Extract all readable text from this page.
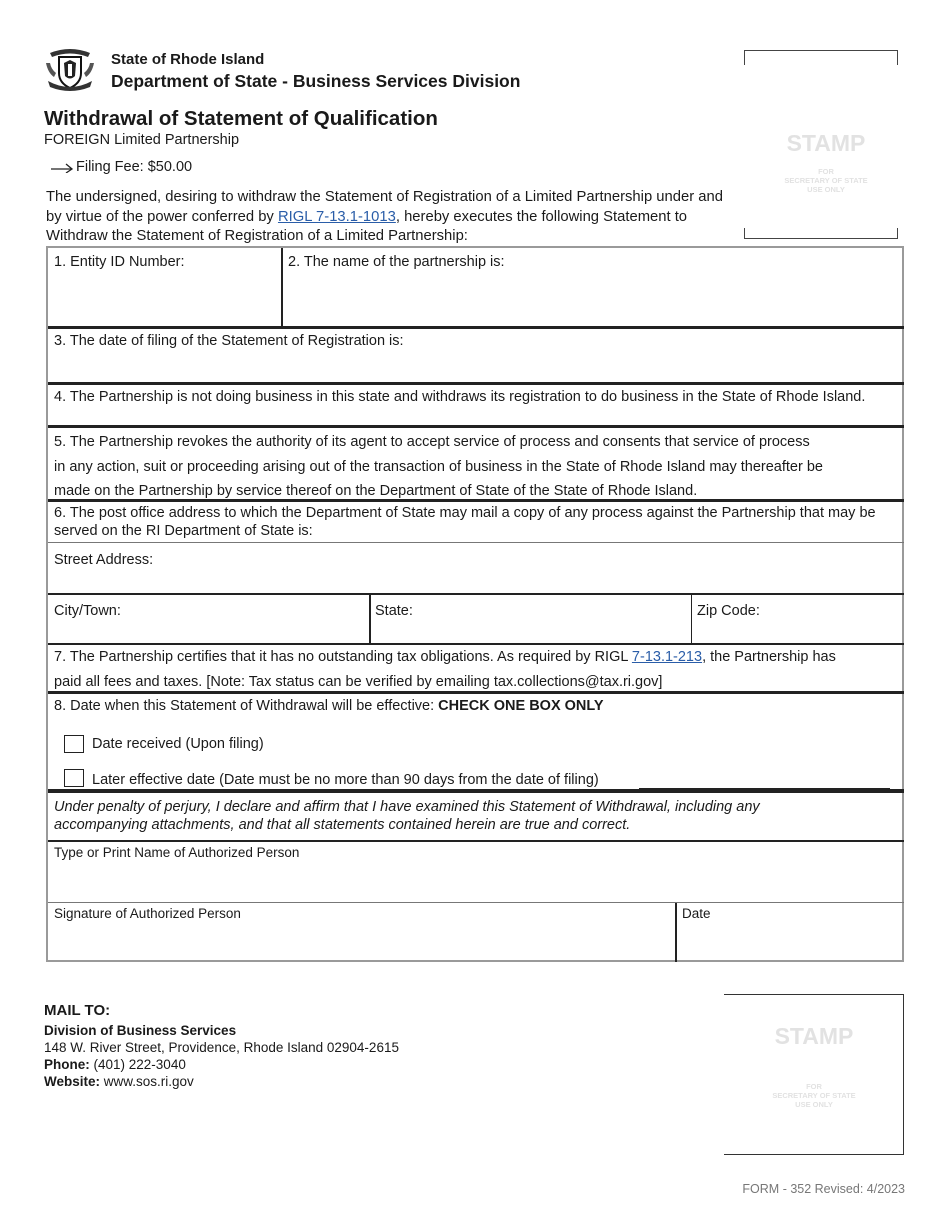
State of Rhode Island
Department of State - Business Services Division
Withdrawal of Statement of Qualification
FOREIGN Limited Partnership
Filing Fee: $50.00
The undersigned, desiring to withdraw the Statement of Registration of a Limited Partnership under and by virtue of the power conferred by RIGL 7-13.1-1013, hereby executes the following Statement to Withdraw the Statement of Registration of a Limited Partnership:
STAMP
FOR
SECRETARY OF STATE
USE ONLY
1. Entity ID Number:	2. The name of the partnership is:
3. The date of filing of the Statement of Registration is:
4. The Partnership is not doing business in this state and withdraws its registration to do business in the State of Rhode Island.
5. The Partnership revokes the authority of its agent to accept service of process and consents that service of process
in any action, suit or proceeding arising out of the transaction of business in the State of Rhode Island may thereafter be
made on the Partnership by service thereof on the Department of State of the State of Rhode Island.
6. The post office address to which the Department of State may mail a copy of any process against the Partnership that may be served on the RI Department of State is:
Street Address:
City/Town:	State:	Zip Code:
7. The Partnership certifies that it has no outstanding tax obligations. As required by RIGL 7-13.1-213, the Partnership has
paid all fees and taxes. [Note: Tax status can be verified by emailing tax.collections@tax.ri.gov]
8. Date when this Statement of Withdrawal will be effective: CHECK ONE BOX ONLY
Date received (Upon filing)
Later effective date (Date must be no more than 90 days from the date of filing)
Under penalty of perjury, I declare and affirm that I have examined this Statement of Withdrawal, including any accompanying attachments, and that all statements contained herein are true and correct.
Type or Print Name of Authorized Person
Signature of Authorized Person	Date
MAIL TO:
Division of Business Services
148 W. River Street, Providence, Rhode Island 02904-2615
Phone: (401) 222-3040
Website: www.sos.ri.gov
STAMP
FOR
SECRETARY OF STATE
USE ONLY
FORM - 352 Revised: 4/2023
